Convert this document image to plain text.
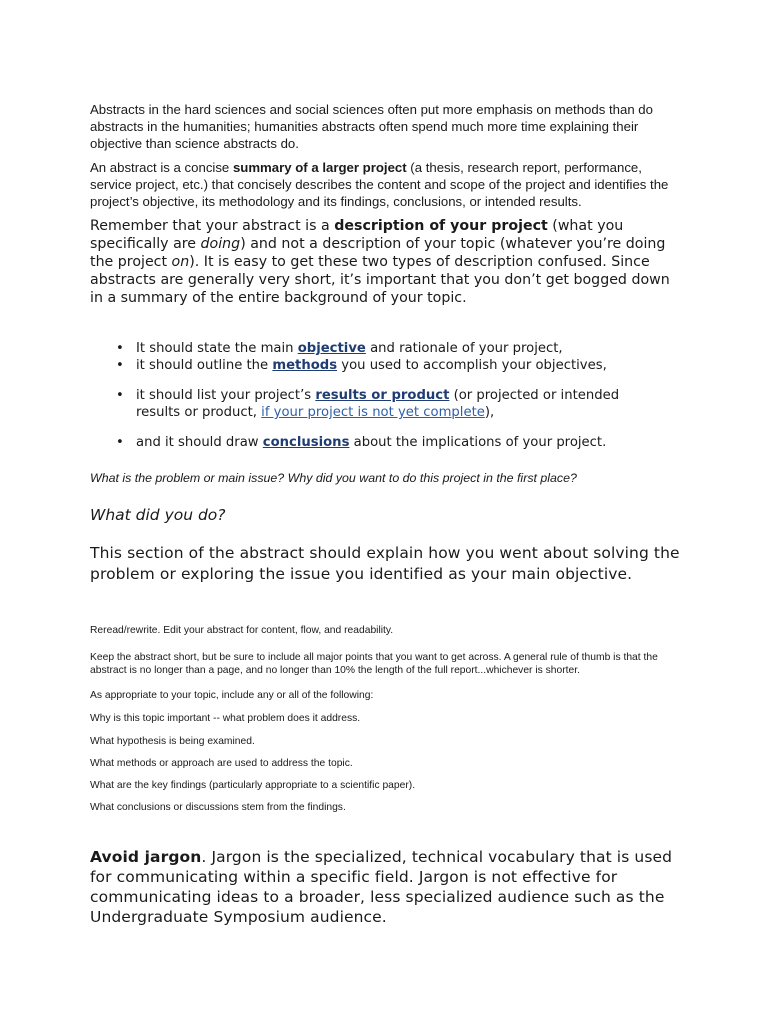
Abstracts in the hard sciences and social sciences often put more emphasis on methods than do abstracts in the humanities; humanities abstracts often spend much more time explaining their objective than science abstracts do.

An abstract is a concise summary of a larger project (a thesis, research report, performance, service project, etc.) that concisely describes the content and scope of the project and identifies the project’s objective, its methodology and its findings, conclusions, or intended results.

Remember that your abstract is a description of your project (what you specifically are doing) and not a description of your topic (whatever you’re doing the project on). It is easy to get these two types of description confused. Since abstracts are generally very short, it’s important that you don’t get bogged down in a summary of the entire background of your topic.

• It should state the main objective and rationale of your project,
• it should outline the methods you used to accomplish your objectives,
• it should list your project’s results or product (or projected or intended results or product, if your project is not yet complete),
• and it should draw conclusions about the implications of your project.

What is the problem or main issue? Why did you want to do this project in the first place?

What did you do?

This section of the abstract should explain how you went about solving the problem or exploring the issue you identified as your main objective.

Reread/rewrite. Edit your abstract for content, flow, and readability.

Keep the abstract short, but be sure to include all major points that you want to get across. A general rule of thumb is that the abstract is no longer than a page, and no longer than 10% the length of the full report...whichever is shorter.

As appropriate to your topic, include any or all of the following:

Why is this topic important -- what problem does it address.

What hypothesis is being examined.

What methods or approach are used to address the topic.

What are the key findings (particularly appropriate to a scientific paper).

What conclusions or discussions stem from the findings.

Avoid jargon. Jargon is the specialized, technical vocabulary that is used for communicating within a specific field. Jargon is not effective for communicating ideas to a broader, less specialized audience such as the Undergraduate Symposium audience.
